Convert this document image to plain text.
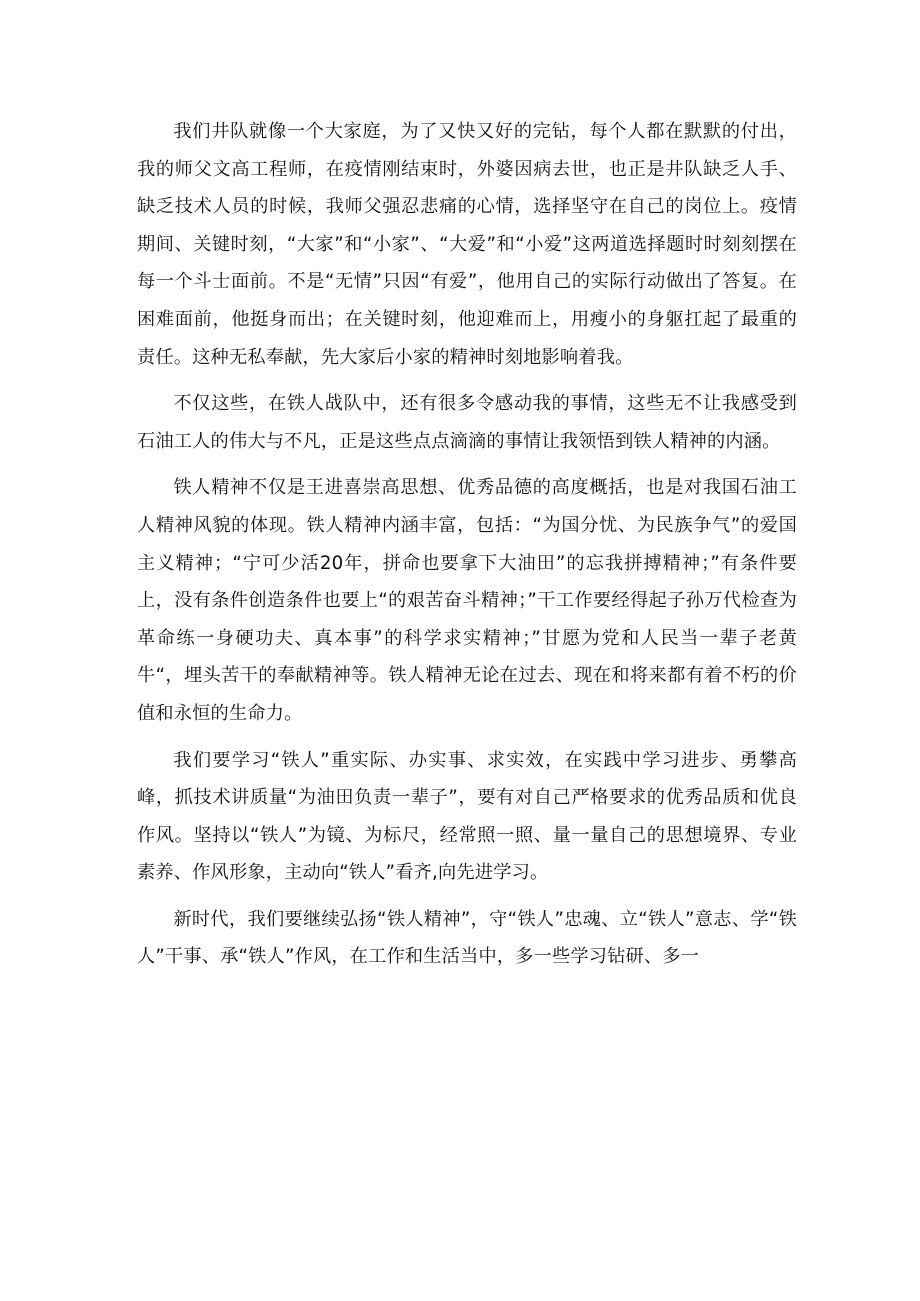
我们井队就像一个大家庭，为了又快又好的完钻，每个人都在默默的付出，我的师父文高工程师，在疫情刚结束时，外婆因病去世，也正是井队缺乏人手、缺乏技术人员的时候，我师父强忍悲痛的心情，选择坚守在自己的岗位上。疫情期间、关键时刻，“大家”和“小家”、“大爱”和“小爱”这两道选择题时时刻刻摆在每一个斗士面前。不是“无情”只因“有爱”，他用自己的实际行动做出了答复。在困难面前，他挺身而出；在关键时刻，他迎难而上，用瘦小的身躯扛起了最重的责任。这种无私奉献，先大家后小家的精神时刻地影响着我。

不仅这些，在铁人战队中，还有很多令感动我的事情，这些无不让我感受到石油工人的伟大与不凡，正是这些点点滴滴的事情让我领悟到铁人精神的内涵。

铁人精神不仅是王进喜崇高思想、优秀品德的高度概括，也是对我国石油工人精神风貌的体现。铁人精神内涵丰富，包括：“为国分忧、为民族争气”的爱国主义精神；“宁可少活20年，拼命也要拿下大油田”的忘我拼搏精神；”有条件要上，没有条件创造条件也要上“的艰苦奋斗精神；”干工作要经得起子孙万代检查为革命练一身硬功夫、真本事”的科学求实精神；”甘愿为党和人民当一辈子老黄牛“，埋头苦干的奉献精神等。铁人精神无论在过去、现在和将来都有着不朽的价值和永恒的生命力。

我们要学习“铁人”重实际、办实事、求实效，在实践中学习进步、勇攀高峰，抓技术讲质量“为油田负责一辈子”，要有对自己严格要求的优秀品质和优良作风。坚持以“铁人”为镜、为标尺，经常照一照、量一量自己的思想境界、专业素养、作风形象，主动向“铁人”看齐,向先进学习。

新时代，我们要继续弘扬“铁人精神”，守“铁人”忠魂、立“铁人”意志、学“铁人”干事、承“铁人”作风，在工作和生活当中，多一些学习钻研、多一
